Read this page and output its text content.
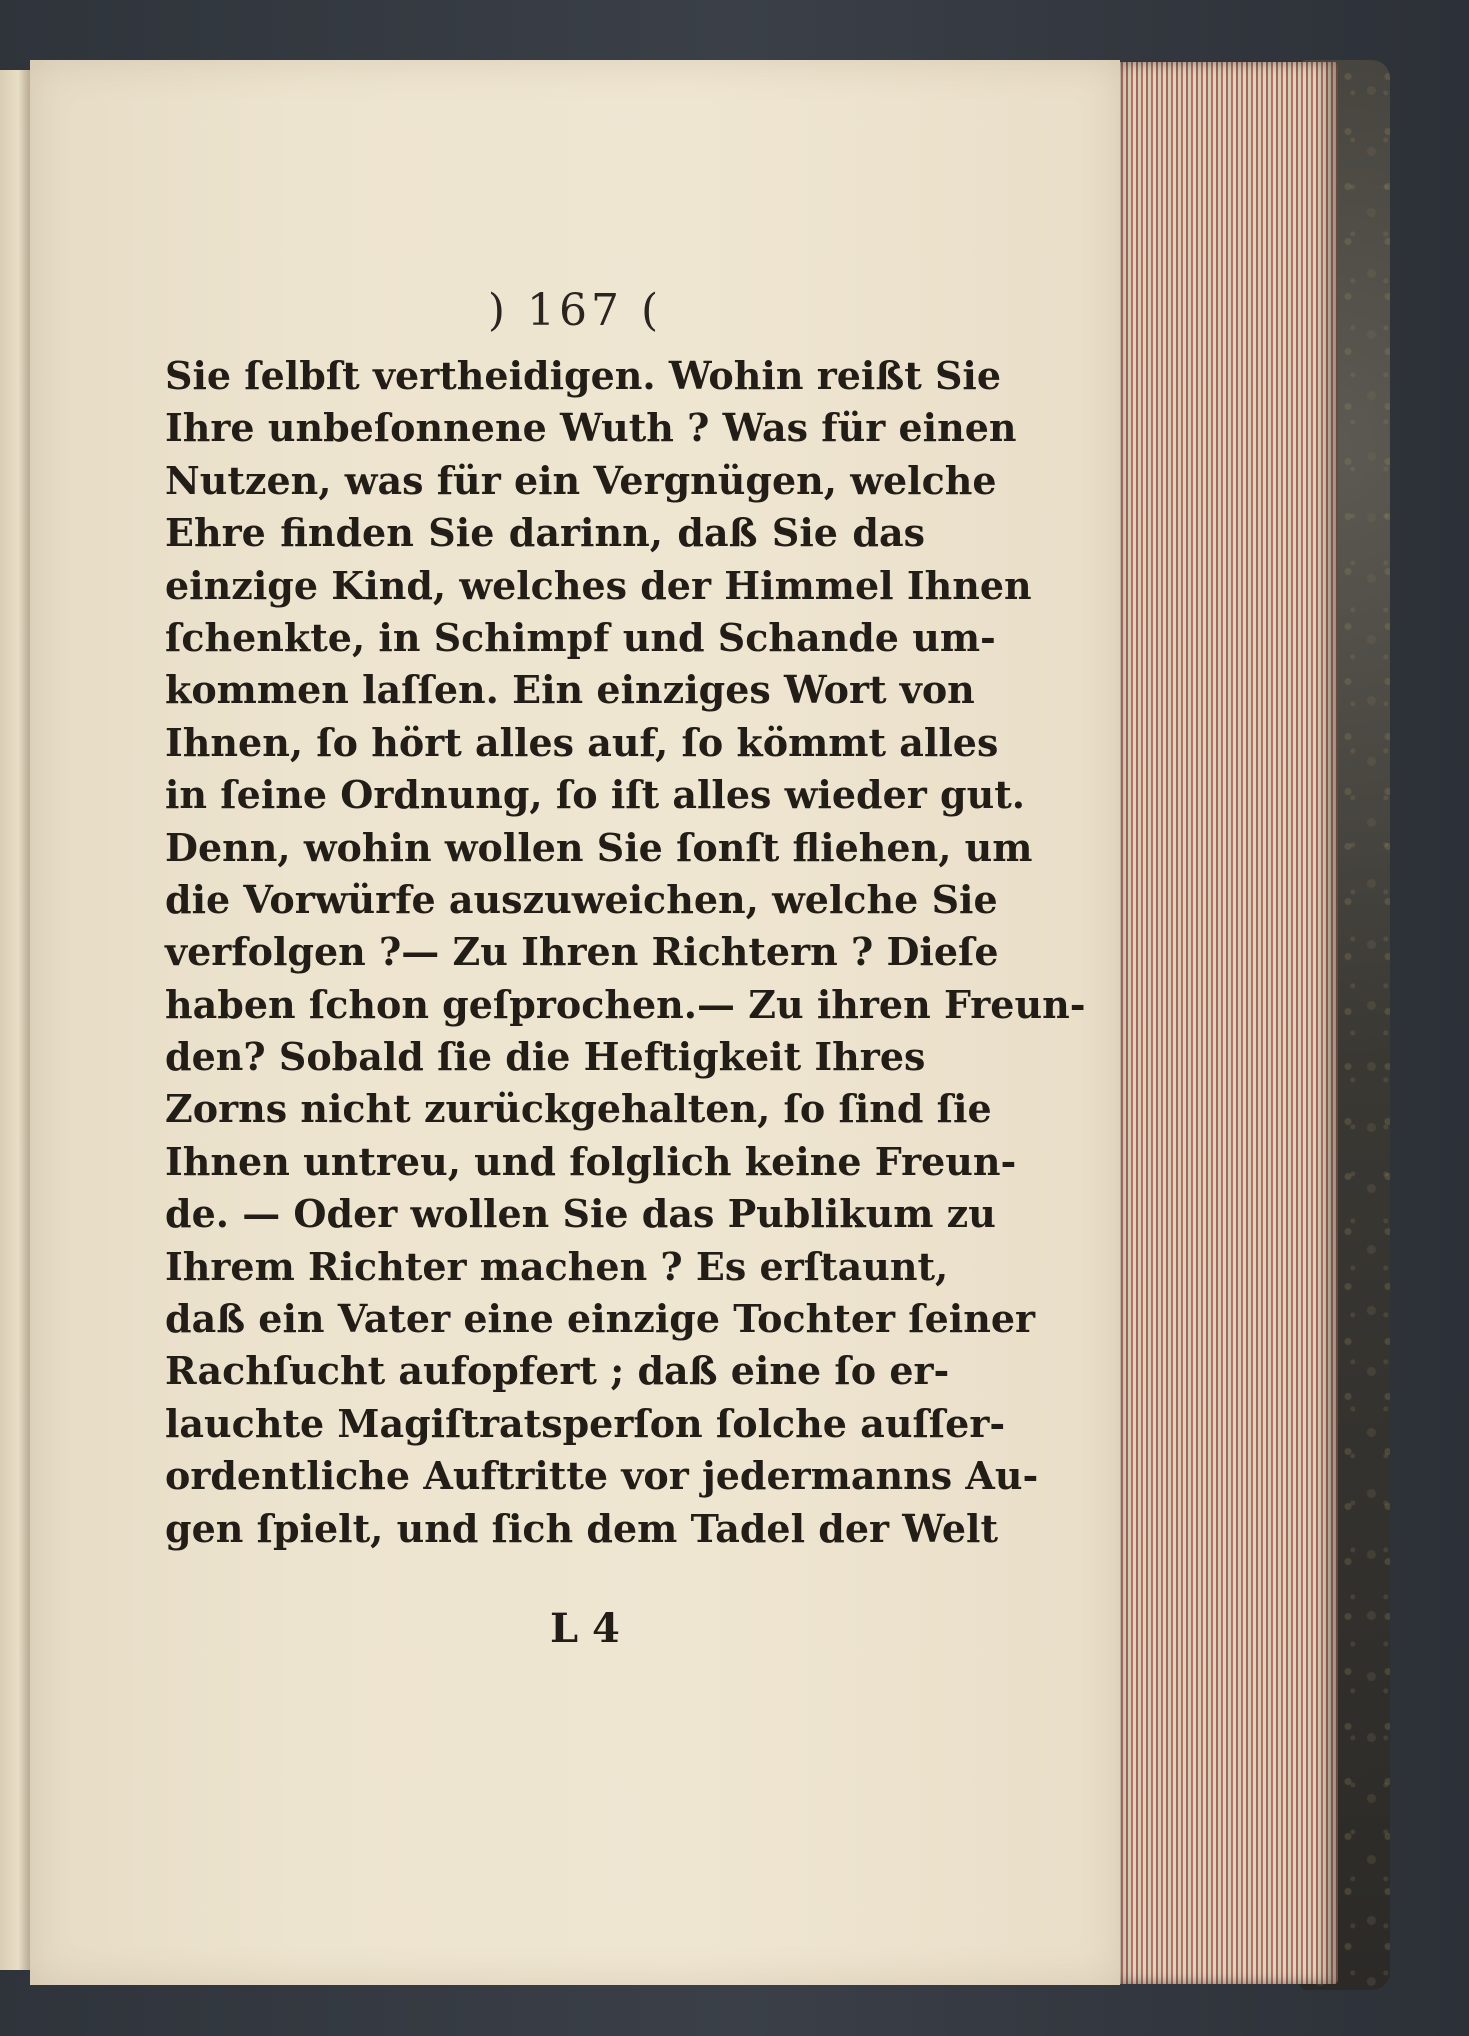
) 167 (
Sie ſelbſt vertheidigen. Wohin reißt Sie
Ihre unbeſonnene Wuth ? Was für einen
Nutzen, was für ein Vergnügen, welche
Ehre finden Sie darinn, daß Sie das
einzige Kind, welches der Himmel Ihnen
ſchenkte, in Schimpf und Schande um-
kommen laſſen. Ein einziges Wort von
Ihnen, ſo hört alles auf, ſo kömmt alles
in ſeine Ordnung, ſo iſt alles wieder gut.
Denn, wohin wollen Sie ſonſt fliehen, um
die Vorwürfe auszuweichen, welche Sie
verfolgen ?— Zu Ihren Richtern ? Dieſe
haben ſchon geſprochen.— Zu ihren Freun-
den? Sobald ſie die Heftigkeit Ihres
Zorns nicht zurückgehalten, ſo ſind ſie
Ihnen untreu, und folglich keine Freun-
de. — Oder wollen Sie das Publikum zu
Ihrem Richter machen ? Es erſtaunt,
daß ein Vater eine einzige Tochter ſeiner
Rachſucht aufopfert ; daß eine ſo er-
lauchte Magiſtratsperſon ſolche auſſer-
ordentliche Auftritte vor jedermanns Au-
gen ſpielt, und ſich dem Tadel der Welt
L 4
